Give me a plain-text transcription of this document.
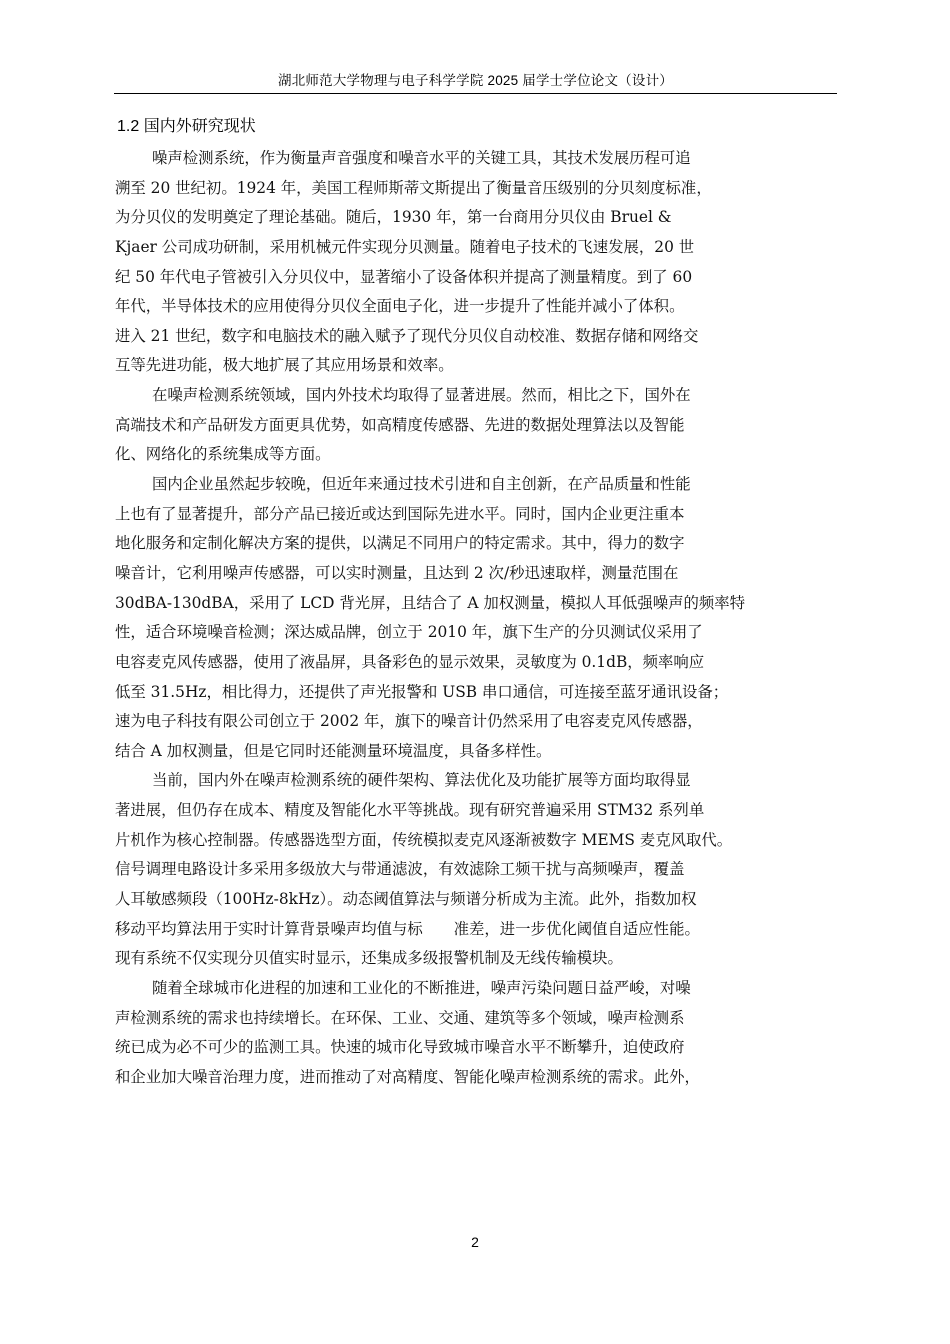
湖北师范大学物理与电子科学学院 2025 届学士学位论文（设计）
1.2 国内外研究现状
噪声检测系统，作为衡量声音强度和噪音水平的关键工具，其技术发展历程可追
溯至 20 世纪初。1924 年，美国工程师斯蒂文斯提出了衡量音压级别的分贝刻度标准，
为分贝仪的发明奠定了理论基础。随后，1930 年，第一台商用分贝仪由 Bruel &
Kjaer 公司成功研制，采用机械元件实现分贝测量。随着电子技术的飞速发展，20 世
纪 50 年代电子管被引入分贝仪中，显著缩小了设备体积并提高了测量精度。到了 60
年代，半导体技术的应用使得分贝仪全面电子化，进一步提升了性能并减小了体积。
进入 21 世纪，数字和电脑技术的融入赋予了现代分贝仪自动校准、数据存储和网络交
互等先进功能，极大地扩展了其应用场景和效率。
在噪声检测系统领域，国内外技术均取得了显著进展。然而，相比之下，国外在
高端技术和产品研发方面更具优势，如高精度传感器、先进的数据处理算法以及智能
化、网络化的系统集成等方面。
国内企业虽然起步较晚，但近年来通过技术引进和自主创新，在产品质量和性能
上也有了显著提升，部分产品已接近或达到国际先进水平。同时，国内企业更注重本
地化服务和定制化解决方案的提供，以满足不同用户的特定需求。其中，得力的数字
噪音计，它利用噪声传感器，可以实时测量，且达到 2 次/秒迅速取样，测量范围在
30dBA-130dBA，采用了 LCD 背光屏，且结合了 A 加权测量，模拟人耳低强噪声的频率特
性，适合环境噪音检测；深达威品牌，创立于 2010 年，旗下生产的分贝测试仪采用了
电容麦克风传感器，使用了液晶屏，具备彩色的显示效果，灵敏度为 0.1dB，频率响应
低至 31.5Hz，相比得力，还提供了声光报警和 USB 串口通信，可连接至蓝牙通讯设备；
速为电子科技有限公司创立于 2002 年，旗下的噪音计仍然采用了电容麦克风传感器，
结合 A 加权测量，但是它同时还能测量环境温度，具备多样性。
当前，国内外在噪声检测系统的硬件架构、算法优化及功能扩展等方面均取得显
著进展，但仍存在成本、精度及智能化水平等挑战。现有研究普遍采用 STM32 系列单
片机作为核心控制器。传感器选型方面，传统模拟麦克风逐渐被数字 MEMS 麦克风取代。
信号调理电路设计多采用多级放大与带通滤波，有效滤除工频干扰与高频噪声，覆盖
人耳敏感频段（100Hz-8kHz）。动态阈值算法与频谱分析成为主流。此外，指数加权
移动平均算法用于实时计算背景噪声均值与标　　准差，进一步优化阈值自适应性能。
现有系统不仅实现分贝值实时显示，还集成多级报警机制及无线传输模块。
随着全球城市化进程的加速和工业化的不断推进，噪声污染问题日益严峻，对噪
声检测系统的需求也持续增长。在环保、工业、交通、建筑等多个领域，噪声检测系
统已成为必不可少的监测工具。快速的城市化导致城市噪音水平不断攀升，迫使政府
和企业加大噪音治理力度，进而推动了对高精度、智能化噪声检测系统的需求。此外，
2
